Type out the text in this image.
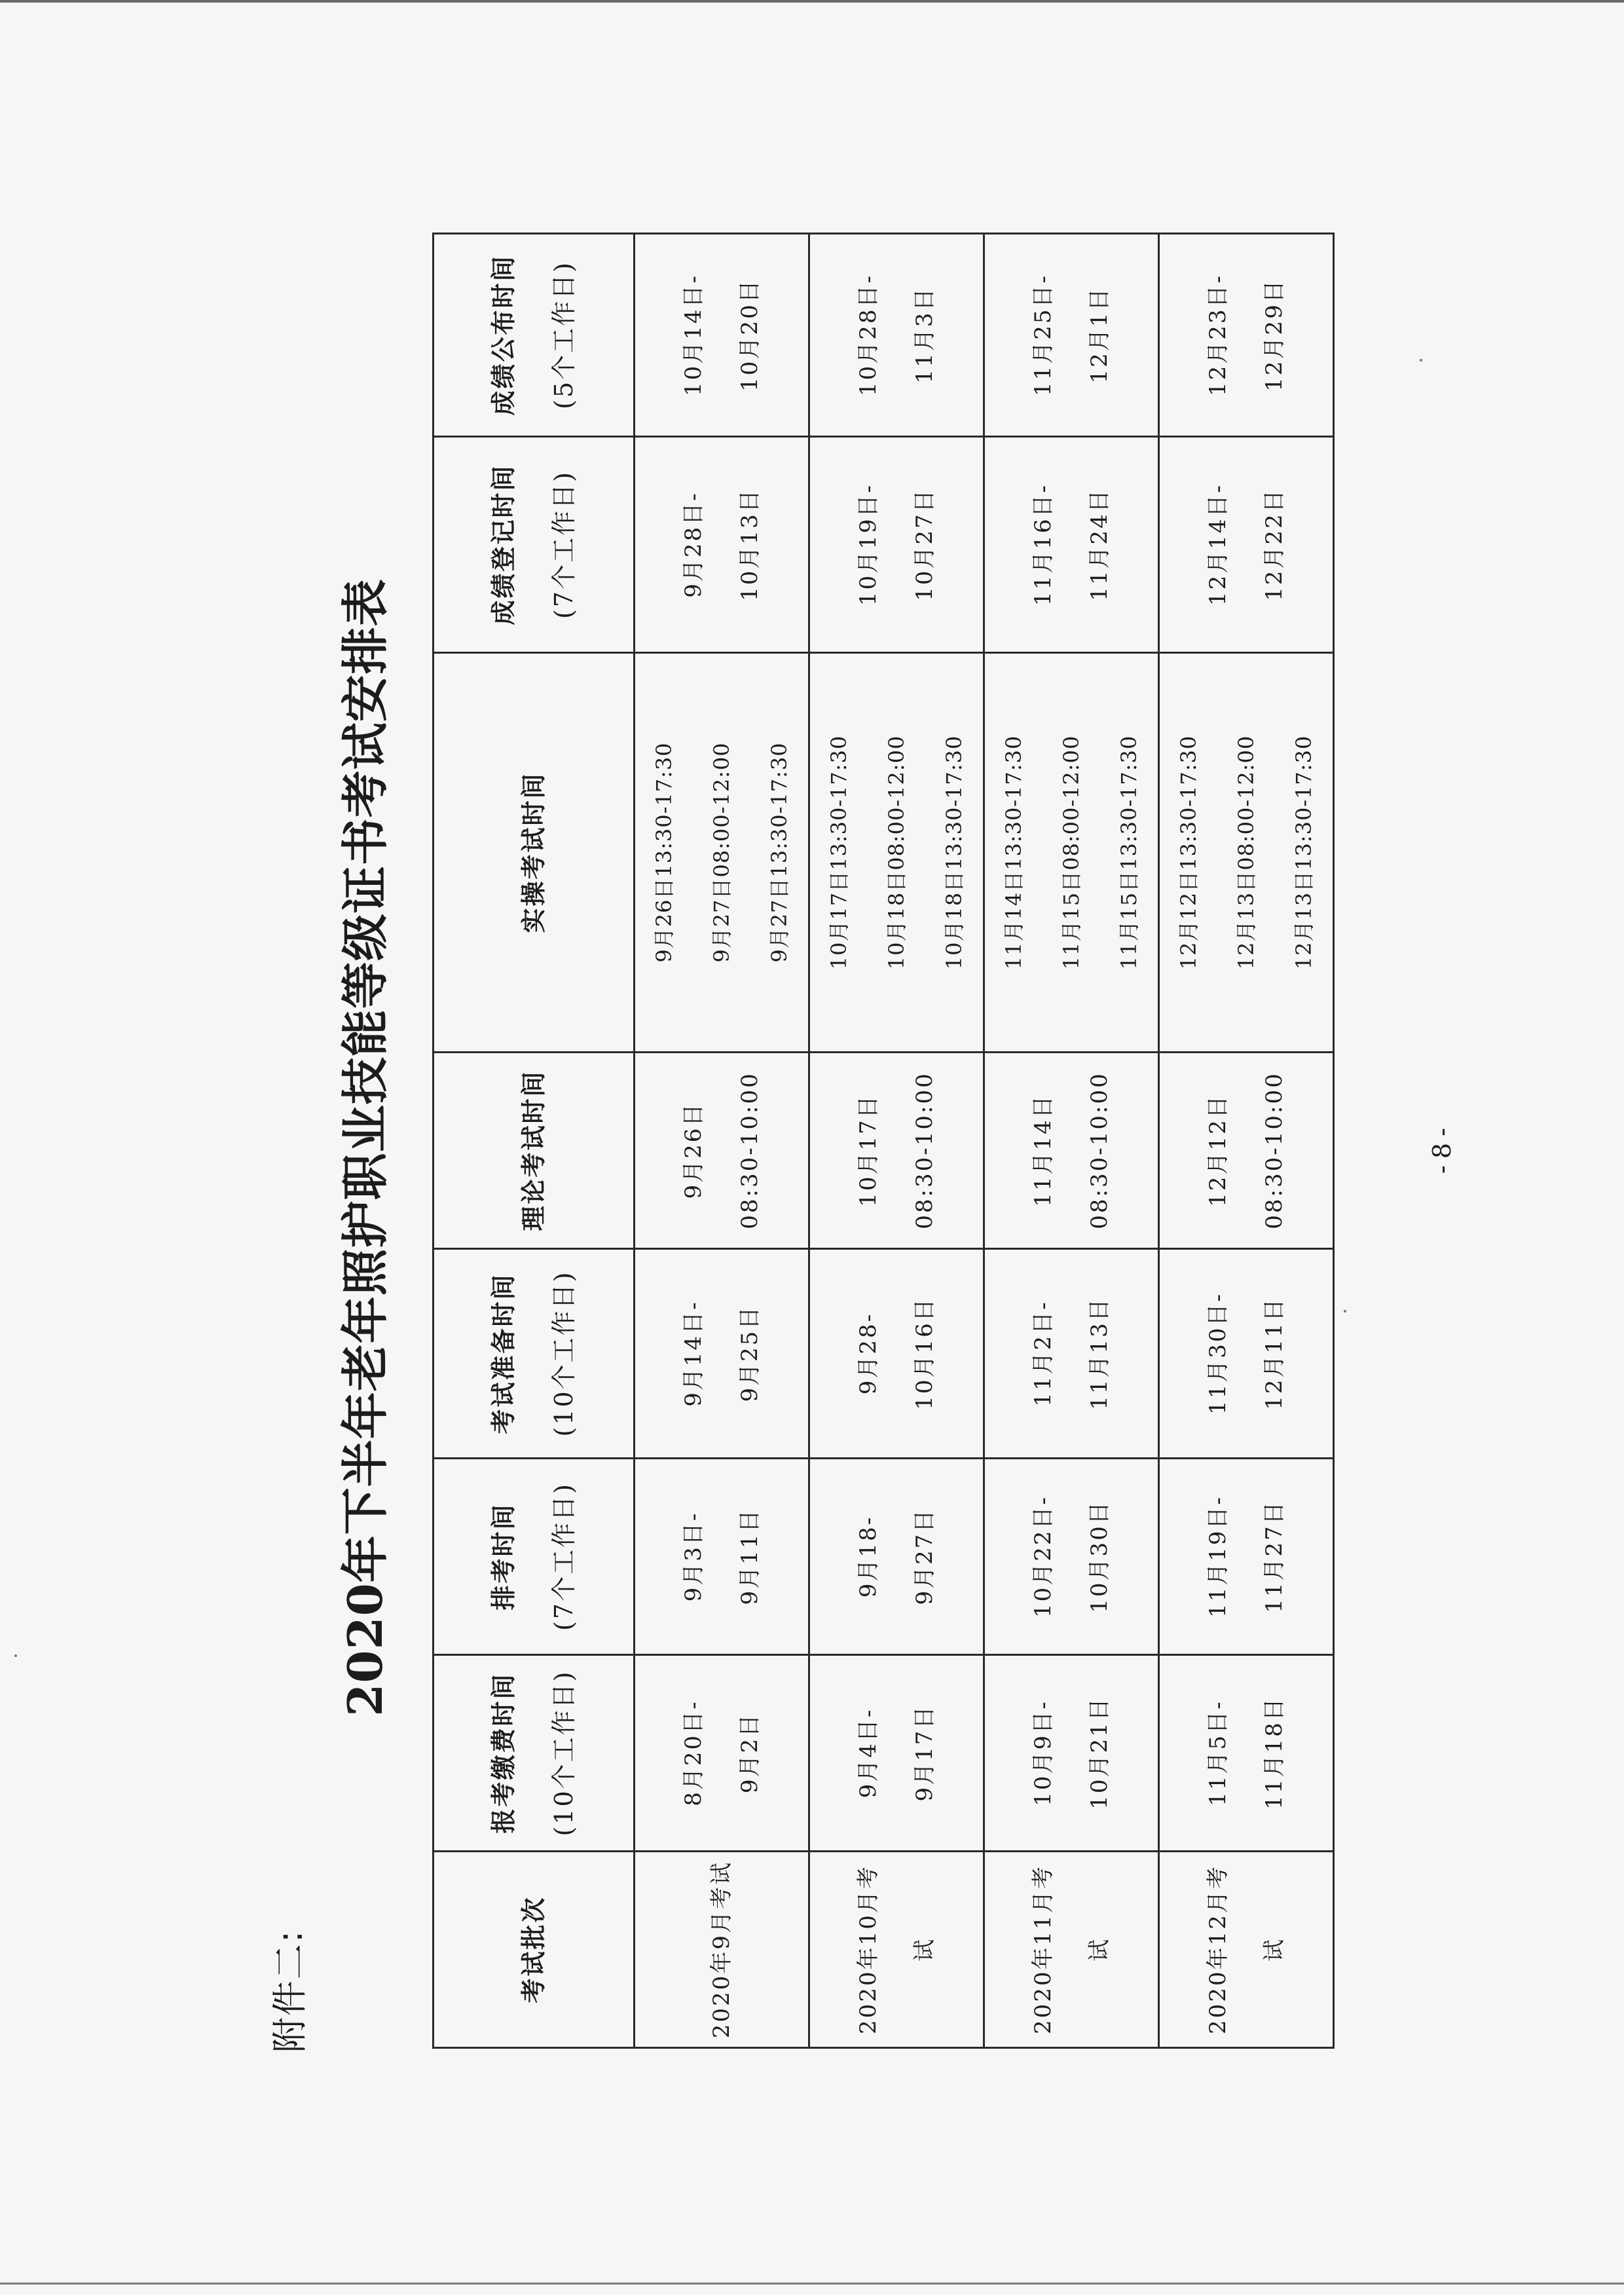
附件二:
2020年下半年老年照护职业技能等级证书考试安排表
考试批次	报考缴费时间 (10个工作日)	排考时间 (7个工作日)	考试准备时间 (10个工作日)	理论考试时间	实操考试时间	成绩登记时间 (7个工作日)	成绩公布时间 (5个工作日)
2020年9月考试	8月20日- 9月2日	9月3日- 9月11日	9月14日- 9月25日	9月26日 08:30-10:00	9月26日13:30-17:30 9月27日08:00-12:00 9月27日13:30-17:30	9月28日- 10月13日	10月14日- 10月20日
2020年10月考试	9月4日- 9月17日	9月18- 9月27日	9月28- 10月16日	10月17日 08:30-10:00	10月17日13:30-17:30 10月18日08:00-12:00 10月18日13:30-17:30	10月19日- 10月27日	10月28日- 11月3日
2020年11月考试	10月9日- 10月21日	10月22日- 10月30日	11月2日- 11月13日	11月14日 08:30-10:00	11月14日13:30-17:30 11月15日08:00-12:00 11月15日13:30-17:30	11月16日- 11月24日	11月25日- 12月1日
2020年12月考试	11月5日- 11月18日	11月19日- 11月27日	11月30日- 12月11日	12月12日 08:30-10:00	12月12日13:30-17:30 12月13日08:00-12:00 12月13日13:30-17:30	12月14日- 12月22日	12月23日- 12月29日
-8-
